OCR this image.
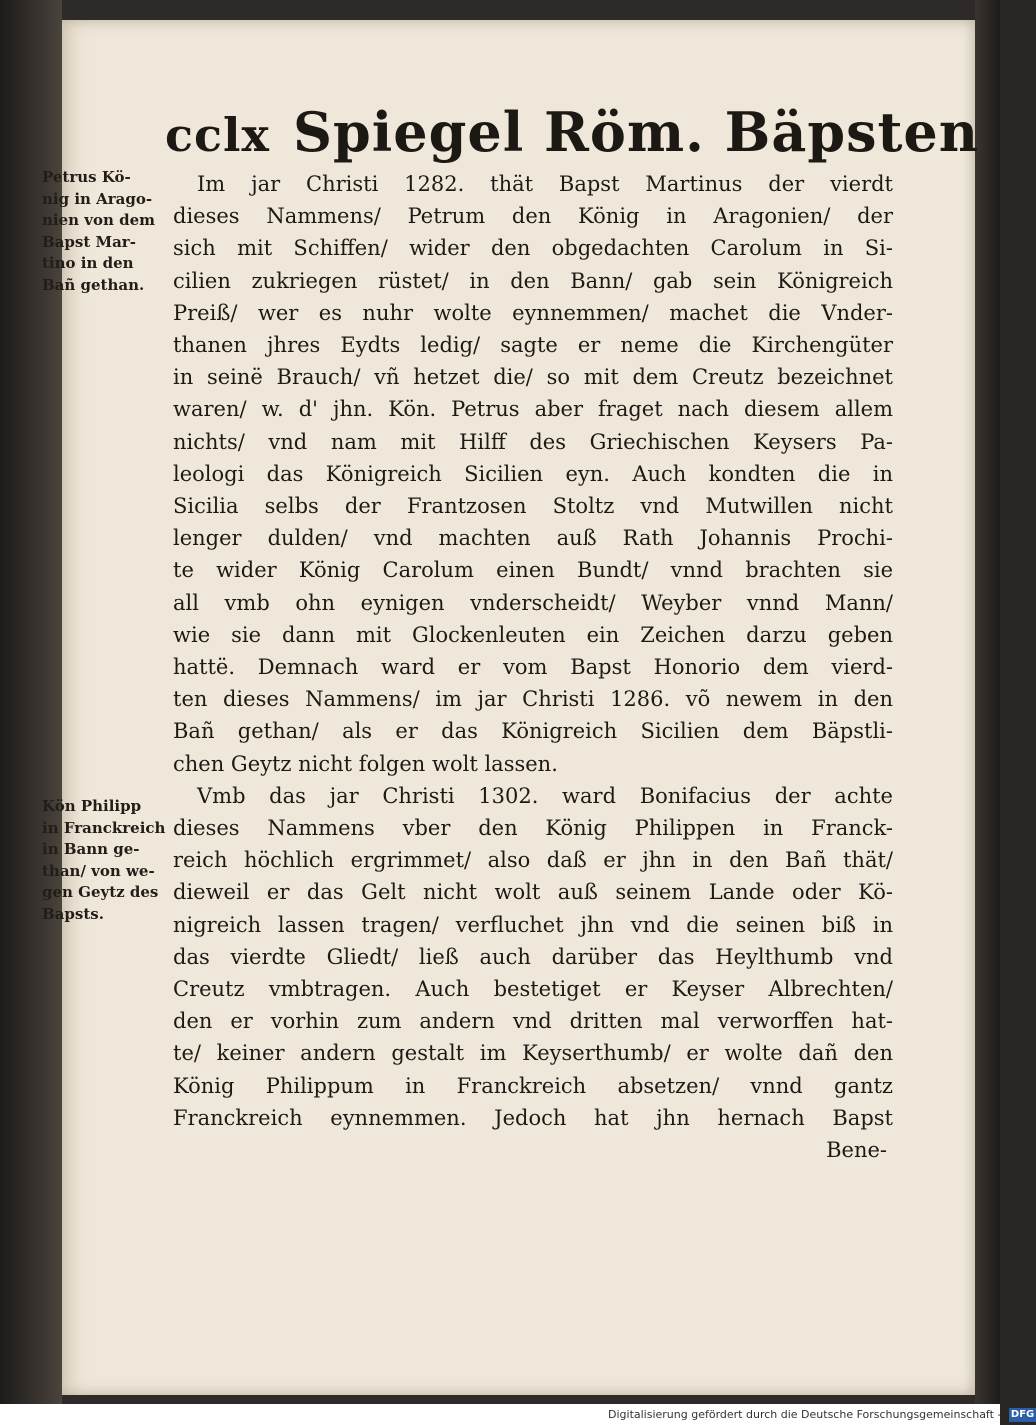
cclx Spiegel Röm. Bäpsten
Petrus Kö-
nig in Arago-
nien von dem
Bapst Mar-
tino in den
Bañ gethan.
Kön Philipp
in Franckreich
in Bann ge-
than/ von we-
gen Geytz des
Bapsts.
Im jar Christi 1282. thät Bapst Martinus der vierdt
dieses Nammens/ Petrum den König in Aragonien/ der
sich mit Schiffen/ wider den obgedachten Carolum in Si-
cilien zukriegen rüstet/ in den Bann/ gab sein Königreich
Preiß/ wer es nuhr wolte eynnemmen/ machet die Vnder-
thanen jhres Eydts ledig/ sagte er neme die Kirchengüter
in seinë Brauch/ vñ hetzet die/ so mit dem Creutz bezeichnet
waren/ w. d' jhn. Kön. Petrus aber fraget nach diesem allem
nichts/ vnd nam mit Hilff des Griechischen Keysers Pa-
leologi das Königreich Sicilien eyn. Auch kondten die in
Sicilia selbs der Frantzosen Stoltz vnd Mutwillen nicht
lenger dulden/ vnd machten auß Rath Johannis Prochi-
te wider König Carolum einen Bundt/ vnnd brachten sie
all vmb ohn eynigen vnderscheidt/ Weyber vnnd Mann/
wie sie dann mit Glockenleuten ein Zeichen darzu geben
hattë. Demnach ward er vom Bapst Honorio dem vierd-
ten dieses Nammens/ im jar Christi 1286. võ newem in den
Bañ gethan/ als er das Königreich Sicilien dem Bäpstli-
chen Geytz nicht folgen wolt lassen.
Vmb das jar Christi 1302. ward Bonifacius der achte
dieses Nammens vber den König Philippen in Franck-
reich höchlich ergrimmet/ also daß er jhn in den Bañ thät/
dieweil er das Gelt nicht wolt auß seinem Lande oder Kö-
nigreich lassen tragen/ verfluchet jhn vnd die seinen biß in
das vierdte Gliedt/ ließ auch darüber das Heylthumb vnd
Creutz vmbtragen. Auch bestetiget er Keyser Albrechten/
den er vorhin zum andern vnd dritten mal verworffen hat-
te/ keiner andern gestalt im Keyserthumb/ er wolte dañ den
König Philippum in Franckreich absetzen/ vnnd gantz
Franckreich eynnemmen. Jedoch hat jhn hernach Bapst
Bene-
Digitalisierung gefördert durch die Deutsche Forschungsgemeinschaft - DFG
